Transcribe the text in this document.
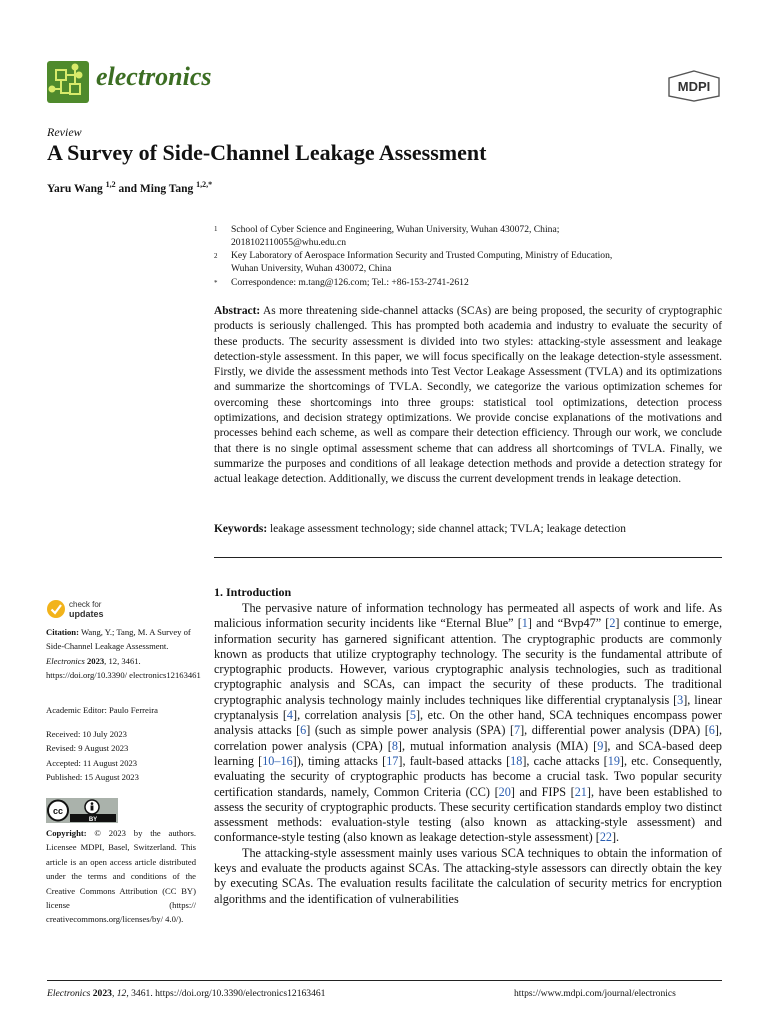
electronics	MDPI
Review
A Survey of Side-Channel Leakage Assessment
Yaru Wang $^{1,2}$ and Ming Tang $^{1,2,*}$
1 School of Cyber Science and Engineering, Wuhan University, Wuhan 430072, China;
2018102110055@whu.edu.cn
2 Key Laboratory of Aerospace Information Security and Trusted Computing, Ministry of Education,
Wuhan University, Wuhan 430072, China
* Correspondence: m.tang@126.com; Tel.: +86-153-2741-2612
Abstract: As more threatening side-channel attacks (SCAs) are being proposed, the security of cryptographic products is seriously challenged. This has prompted both academia and industry to evaluate the security of these products. The security assessment is divided into two styles: attacking-style assessment and leakage detection-style assessment. In this paper, we will focus specifically on the leakage detection-style assessment. Firstly, we divide the assessment methods into Test Vector Leakage Assessment (TVLA) and its optimizations and summarize the shortcomings of TVLA. Secondly, we categorize the various optimization schemes for overcoming these shortcomings into three groups: statistical tool optimizations, detection process optimizations, and decision strategy optimizations. We provide concise explanations of the motivations and processes behind each scheme, as well as compare their detection efficiency. Through our work, we conclude that there is no single optimal assessment scheme that can address all shortcomings of TVLA. Finally, we summarize the purposes and conditions of all leakage detection methods and provide a detection strategy for actual leakage detection. Additionally, we discuss the current development trends in leakage detection.
Keywords: leakage assessment technology; side channel attack; TVLA; leakage detection
1. Introduction

The pervasive nature of information technology has permeated all aspects of work and life. As malicious information security incidents like “Eternal Blue” [1] and “Bvp47” [2] continue to emerge, information security has garnered significant attention. The cryptographic products are commonly known as products that utilize cryptography technology. The security is the fundamental attribute of cryptographic products. However, various cryptographic analysis technologies, such as traditional cryptographic analysis and SCAs, can impact the security of these products. The traditional cryptographic analysis technology mainly includes techniques like differential cryptanalysis [3], linear cryptanalysis [4], correlation analysis [5], etc. On the other hand, SCA techniques encompass power analysis attacks [6] (such as simple power analysis (SPA) [7], differential power analysis (DPA) [6], correlation power analysis (CPA) [8], mutual information analysis (MIA) [9], and SCA-based deep learning [10–16]), timing attacks [17], fault-based attacks [18], cache attacks [19], etc. Consequently, evaluating the security of cryptographic products has become a crucial task. Two popular security certification standards, namely, Common Criteria (CC) [20] and FIPS [21], have been established to assess the security of cryptographic products. These security certification standards employ two distinct assessment methods: evaluation-style testing (also known as attacking-style assessment) and conformance-style testing (also known as leakage detection-style assessment) [22].

The attacking-style assessment mainly uses various SCA techniques to obtain the information of keys and evaluate the products against SCAs. The attacking-style assessors can directly obtain the key by executing SCAs. The evaluation results facilitate the calculation of security metrics for encryption algorithms and the identification of vulnerabilities

check for
updates
Citation: Wang, Y.; Tang, M. A Survey of Side-Channel Leakage Assessment. Electronics 2023, 12, 3461. https://doi.org/10.3390/ electronics12163461
Academic Editor: Paulo Ferreira
Received: 10 July 2023
Revised: 9 August 2023
Accepted: 11 August 2023
Published: 15 August 2023
cc
BY
Copyright: © 2023 by the authors. Licensee MDPI, Basel, Switzerland. This article is an open access article distributed under the terms and conditions of the Creative Commons Attribution (CC BY) license (https:// creativecommons.org/licenses/by/ 4.0/).
Electronics 2023, 12, 3461. https://doi.org/10.3390/electronics12163461	https://www.mdpi.com/journal/electronics
